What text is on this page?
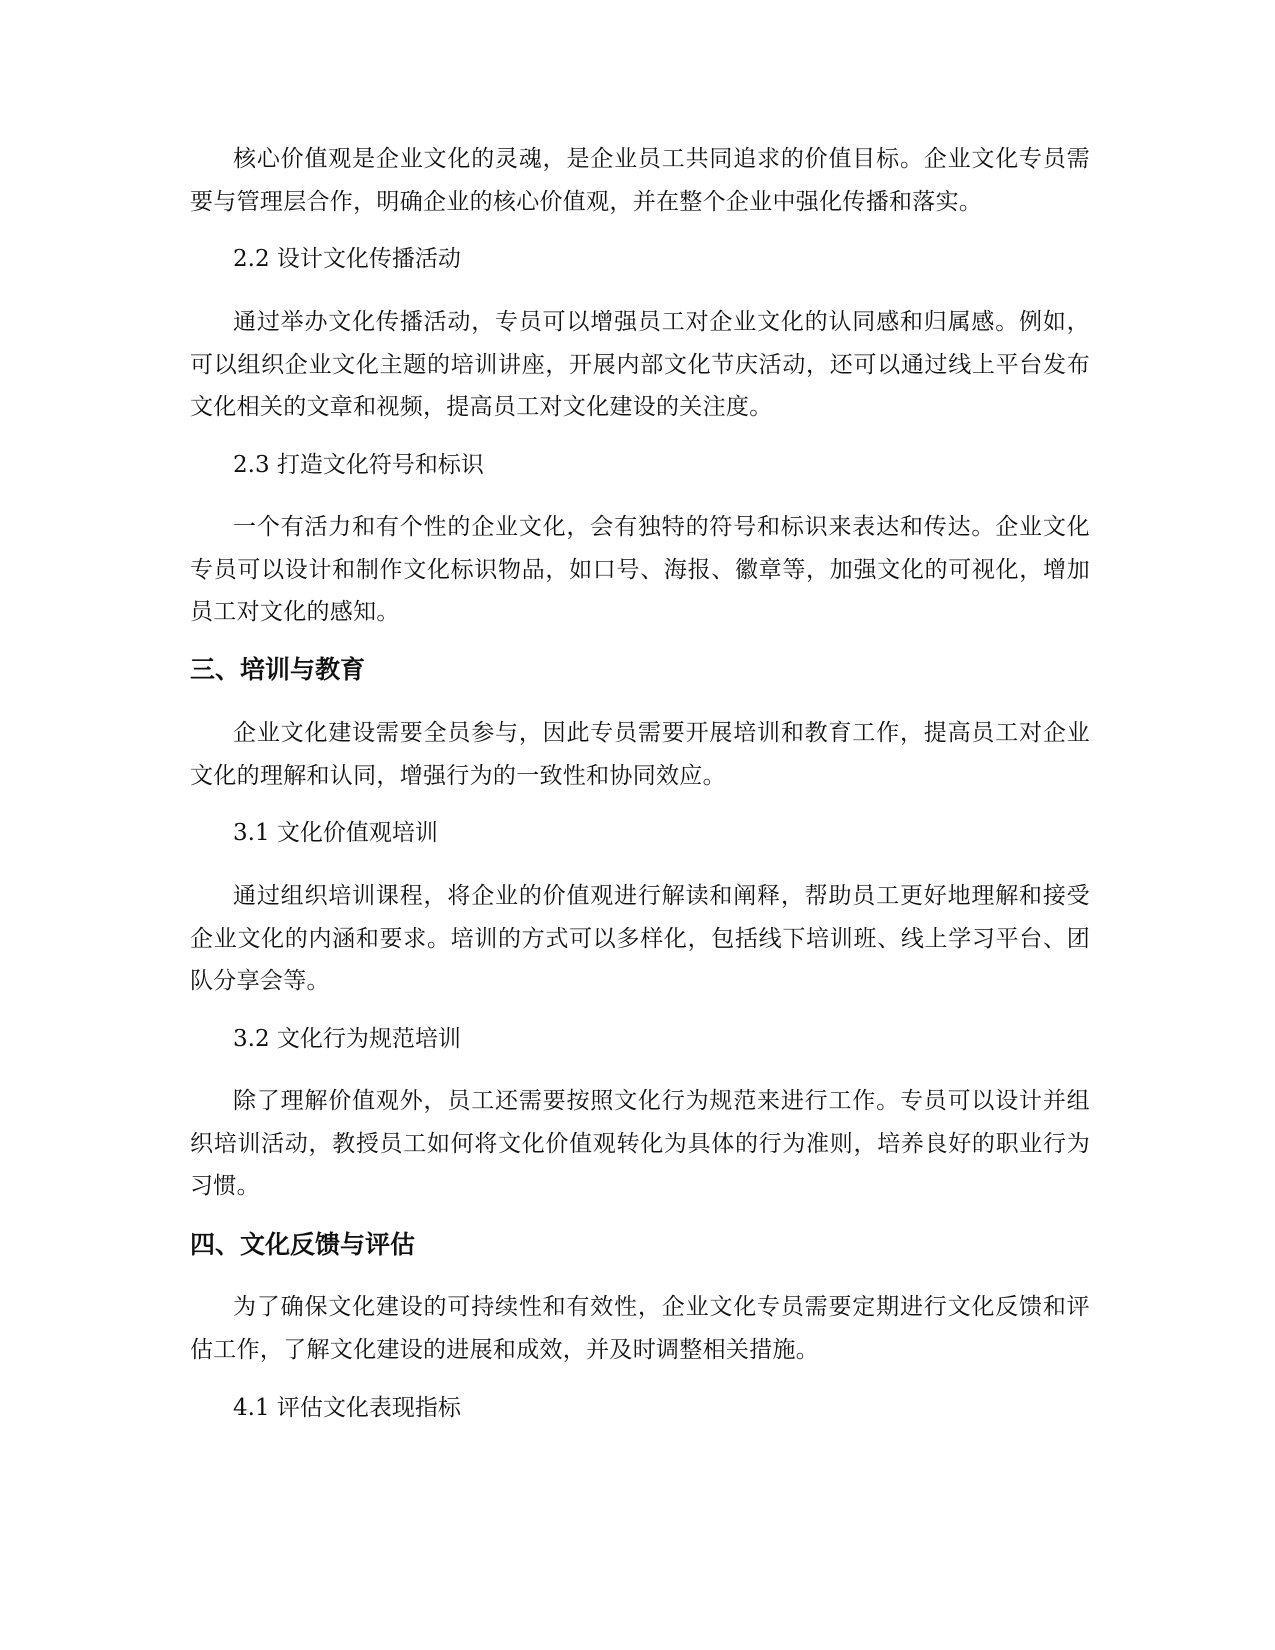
核心价值观是企业文化的灵魂，是企业员工共同追求的价值目标。企业文化专员需要与管理层合作，明确企业的核心价值观，并在整个企业中强化传播和落实。

2.2 设计文化传播活动

通过举办文化传播活动，专员可以增强员工对企业文化的认同感和归属感。例如，可以组织企业文化主题的培训讲座，开展内部文化节庆活动，还可以通过线上平台发布文化相关的文章和视频，提高员工对文化建设的关注度。

2.3 打造文化符号和标识

一个有活力和有个性的企业文化，会有独特的符号和标识来表达和传达。企业文化专员可以设计和制作文化标识物品，如口号、海报、徽章等，加强文化的可视化，增加员工对文化的感知。

三、培训与教育

企业文化建设需要全员参与，因此专员需要开展培训和教育工作，提高员工对企业文化的理解和认同，增强行为的一致性和协同效应。

3.1 文化价值观培训

通过组织培训课程，将企业的价值观进行解读和阐释，帮助员工更好地理解和接受企业文化的内涵和要求。培训的方式可以多样化，包括线下培训班、线上学习平台、团队分享会等。

3.2 文化行为规范培训

除了理解价值观外，员工还需要按照文化行为规范来进行工作。专员可以设计并组织培训活动，教授员工如何将文化价值观转化为具体的行为准则，培养良好的职业行为习惯。

四、文化反馈与评估

为了确保文化建设的可持续性和有效性，企业文化专员需要定期进行文化反馈和评估工作，了解文化建设的进展和成效，并及时调整相关措施。

4.1 评估文化表现指标
